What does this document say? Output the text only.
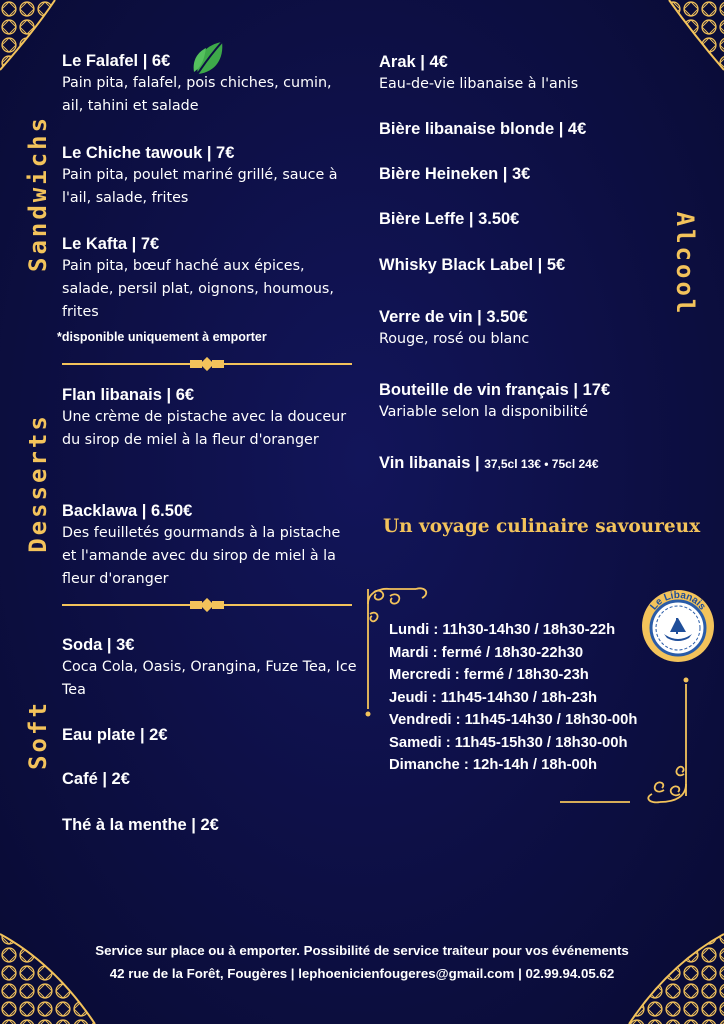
Sandwichs
Desserts
Soft
Alcool
Le Falafel | 6€
Pain pita, falafel, pois chiches, cumin, ail, tahini et salade
Le Chiche tawouk | 7€
Pain pita, poulet mariné grillé, sauce à l'ail, salade, frites
Le Kafta | 7€
Pain pita, bœuf haché aux épices, salade, persil plat, oignons, houmous, frites
*disponible uniquement à emporter
Flan libanais | 6€
Une crème de pistache avec la douceur du sirop de miel à la fleur d'oranger
Backlawa | 6.50€
Des feuilletés gourmands à la pistache et l'amande avec du sirop de miel à la fleur d'oranger
Soda | 3€
Coca Cola, Oasis, Orangina, Fuze Tea, Ice Tea
Eau plate | 2€
Café | 2€
Thé à la menthe | 2€
Arak | 4€
Eau-de-vie libanaise à l'anis
Bière libanaise blonde | 4€
Bière Heineken | 3€
Bière Leffe | 3.50€
Whisky Black Label | 5€
Verre de vin | 3.50€
Rouge, rosé ou blanc
Bouteille de vin français | 17€
Variable selon la disponibilité
Vin libanais | 37,5cl 13€ • 75cl 24€
Un voyage culinaire savoureux
Lundi : 11h30-14h30 / 18h30-22h
Mardi : fermé / 18h30-22h30
Mercredi : fermé / 18h30-23h
Jeudi : 11h45-14h30 / 18h-23h
Vendredi : 11h45-14h30 / 18h30-00h
Samedi : 11h45-15h30 / 18h30-00h
Dimanche : 12h-14h / 18h-00h
Le Libanais
Service sur place ou à emporter. Possibilité de service traiteur pour vos événements
42 rue de la Forêt, Fougères | lephoenicienfougeres@gmail.com | 02.99.94.05.62
